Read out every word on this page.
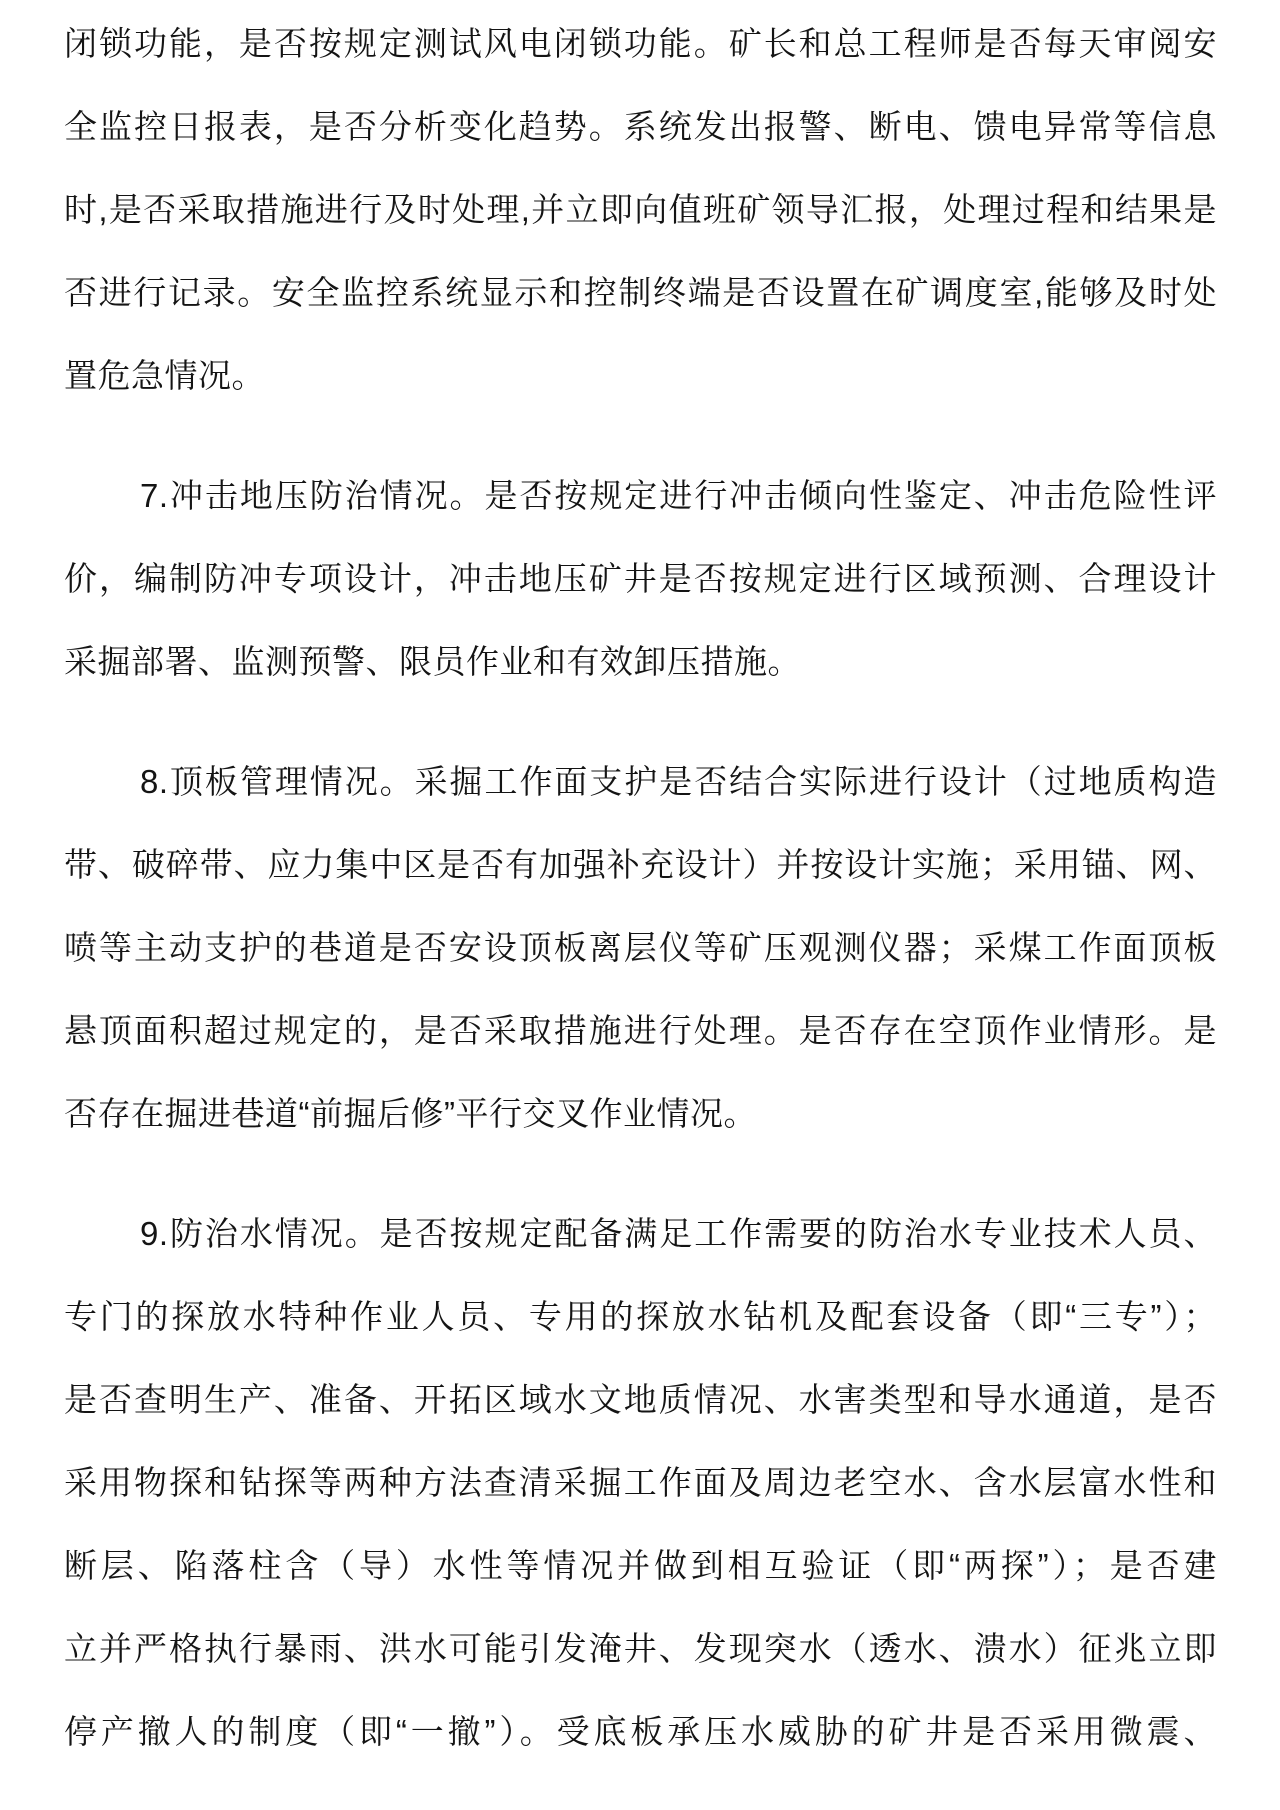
闭锁功能，是否按规定测试风电闭锁功能。矿长和总工程师是否每天审阅安
全监控日报表，是否分析变化趋势。系统发出报警、断电、馈电异常等信息
时,是否采取措施进行及时处理,并立即向值班矿领导汇报，处理过程和结果是
否进行记录。安全监控系统显示和控制终端是否设置在矿调度室,能够及时处
置危急情况。
7.冲击地压防治情况。是否按规定进行冲击倾向性鉴定、冲击危险性评
价，编制防冲专项设计，冲击地压矿井是否按规定进行区域预测、合理设计
采掘部署、监测预警、限员作业和有效卸压措施。
8.顶板管理情况。采掘工作面支护是否结合实际进行设计（过地质构造
带、破碎带、应力集中区是否有加强补充设计）并按设计实施；采用锚、网、
喷等主动支护的巷道是否安设顶板离层仪等矿压观测仪器；采煤工作面顶板
悬顶面积超过规定的，是否采取措施进行处理。是否存在空顶作业情形。是
否存在掘进巷道“前掘后修”平行交叉作业情况。
9.防治水情况。是否按规定配备满足工作需要的防治水专业技术人员、
专门的探放水特种作业人员、专用的探放水钻机及配套设备（即“三专”）；
是否查明生产、准备、开拓区域水文地质情况、水害类型和导水通道，是否
采用物探和钻探等两种方法查清采掘工作面及周边老空水、含水层富水性和
断层、陷落柱含（导）水性等情况并做到相互验证（即“两探”）；是否建
立并严格执行暴雨、洪水可能引发淹井、发现突水（透水、溃水）征兆立即
停产撤人的制度（即“一撤”）。受底板承压水威胁的矿井是否采用微震、
